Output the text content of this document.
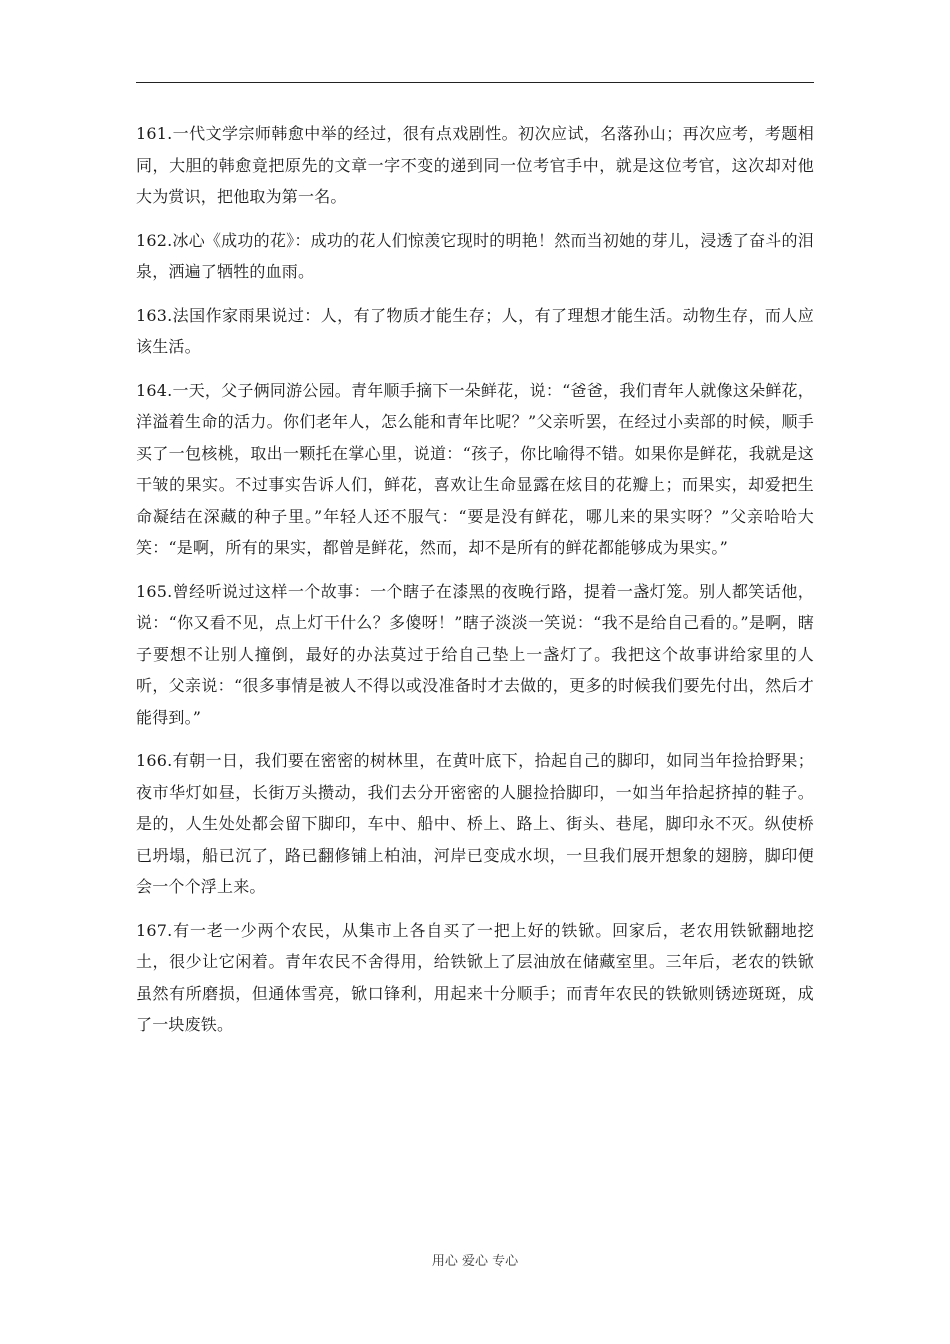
161.一代文学宗师韩愈中举的经过，很有点戏剧性。初次应试，名落孙山；再次应考，考题相同，大胆的韩愈竟把原先的文章一字不变的递到同一位考官手中，就是这位考官，这次却对他大为赏识，把他取为第一名。

162.冰心《成功的花》：成功的花人们惊羡它现时的明艳！然而当初她的芽儿，浸透了奋斗的泪泉，洒遍了牺牲的血雨。

163.法国作家雨果说过：人，有了物质才能生存；人，有了理想才能生活。动物生存，而人应该生活。

164.一天，父子俩同游公园。青年顺手摘下一朵鲜花，说：“爸爸，我们青年人就像这朵鲜花，洋溢着生命的活力。你们老年人，怎么能和青年比呢？”父亲听罢，在经过小卖部的时候，顺手买了一包核桃，取出一颗托在掌心里，说道：“孩子，你比喻得不错。如果你是鲜花，我就是这干皱的果实。不过事实告诉人们，鲜花，喜欢让生命显露在炫目的花瓣上；而果实，却爱把生命凝结在深藏的种子里。”年轻人还不服气：“要是没有鲜花，哪儿来的果实呀？”父亲哈哈大笑：“是啊，所有的果实，都曾是鲜花，然而，却不是所有的鲜花都能够成为果实。”

165.曾经听说过这样一个故事：一个瞎子在漆黑的夜晚行路，提着一盏灯笼。别人都笑话他，说：“你又看不见，点上灯干什么？多傻呀！”瞎子淡淡一笑说：“我不是给自己看的。”是啊，瞎子要想不让别人撞倒，最好的办法莫过于给自己垫上一盏灯了。我把这个故事讲给家里的人听，父亲说：“很多事情是被人不得以或没准备时才去做的，更多的时候我们要先付出，然后才能得到。”

166.有朝一日，我们要在密密的树林里，在黄叶底下，拾起自己的脚印，如同当年捡拾野果；夜市华灯如昼，长街万头攒动，我们去分开密密的人腿捡拾脚印，一如当年拾起挤掉的鞋子。是的，人生处处都会留下脚印，车中、船中、桥上、路上、街头、巷尾，脚印永不灭。纵使桥已坍塌，船已沉了，路已翻修铺上柏油，河岸已变成水坝，一旦我们展开想象的翅膀，脚印便会一个个浮上来。

167.有一老一少两个农民，从集市上各自买了一把上好的铁锨。回家后，老农用铁锨翻地挖土，很少让它闲着。青年农民不舍得用，给铁锨上了层油放在储藏室里。三年后，老农的铁锨虽然有所磨损，但通体雪亮，锨口锋利，用起来十分顺手；而青年农民的铁锨则锈迹斑斑，成了一块废铁。

用心 爱心 专心
